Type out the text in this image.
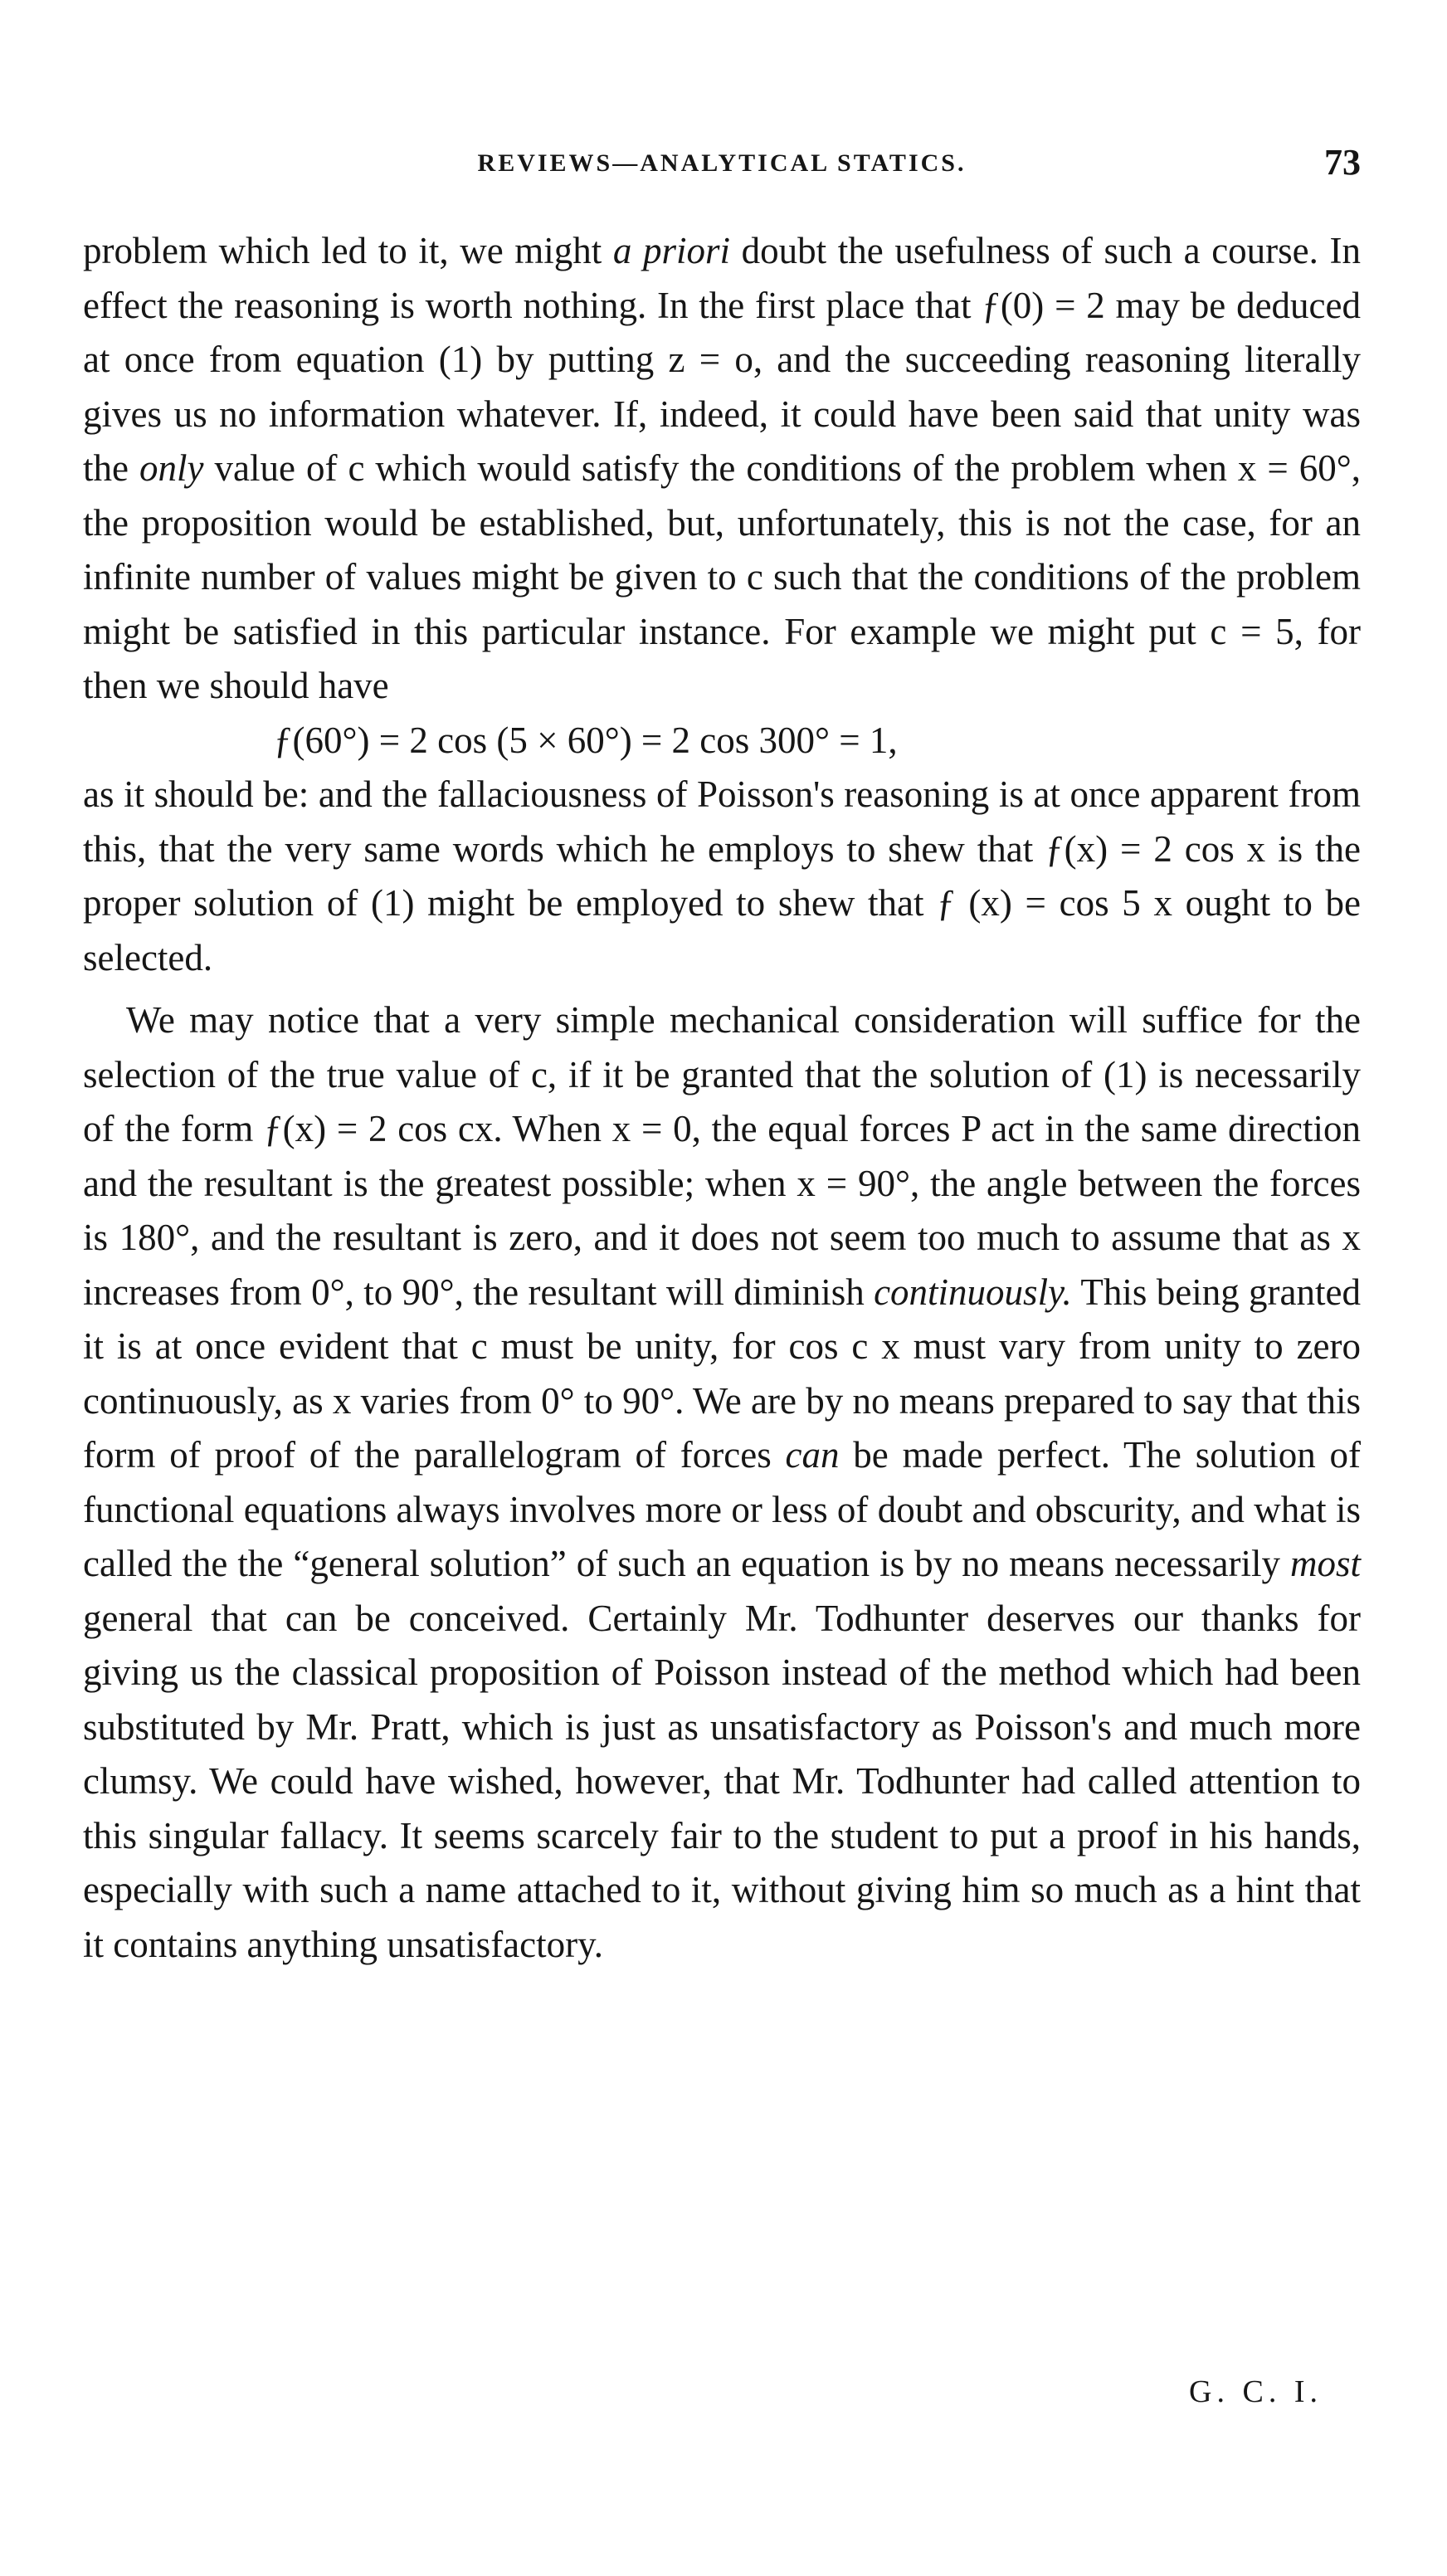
REVIEWS—ANALYTICAL STATICS.	73

problem which led to it, we might a priori doubt the usefulness of such a course. In effect the reasoning is worth nothing. In the first place that ƒ(0) = 2 may be deduced at once from equation (1) by putting z = o, and the succeeding reasoning literally gives us no information whatever. If, indeed, it could have been said that unity was the only value of c which would satisfy the conditions of the problem when x = 60°, the proposition would be established, but, unfortunately, this is not the case, for an infinite number of values might be given to c such that the conditions of the problem might be satisfied in this particular instance. For example we might put c = 5, for then we should have

ƒ(60°) = 2 cos (5 × 60°) = 2 cos 300° = 1,

as it should be: and the fallaciousness of Poisson's reasoning is at once apparent from this, that the very same words which he employs to shew that ƒ(x) = 2 cos x is the proper solution of (1) might be employed to shew that ƒ (x) = cos 5 x ought to be selected.

We may notice that a very simple mechanical consideration will suffice for the selection of the true value of c, if it be granted that the solution of (1) is necessarily of the form ƒ(x) = 2 cos cx. When x = 0, the equal forces P act in the same direction and the resultant is the greatest possible; when x = 90°, the angle between the forces is 180°, and the resultant is zero, and it does not seem too much to assume that as x increases from 0°, to 90°, the resultant will diminish continuously. This being granted it is at once evident that c must be unity, for cos c x must vary from unity to zero continuously, as x varies from 0° to 90°. We are by no means prepared to say that this form of proof of the parallelogram of forces can be made perfect. The solution of functional equations always involves more or less of doubt and obscurity, and what is called the the “general solution” of such an equation is by no means necessarily most general that can be conceived. Certainly Mr. Todhunter deserves our thanks for giving us the classical proposition of Poisson instead of the method which had been substituted by Mr. Pratt, which is just as unsatisfactory as Poisson's and much more clumsy. We could have wished, however, that Mr. Todhunter had called attention to this singular fallacy. It seems scarcely fair to the student to put a proof in his hands, especially with such a name attached to it, without giving him so much as a hint that it contains anything unsatisfactory.

G. C. I.
